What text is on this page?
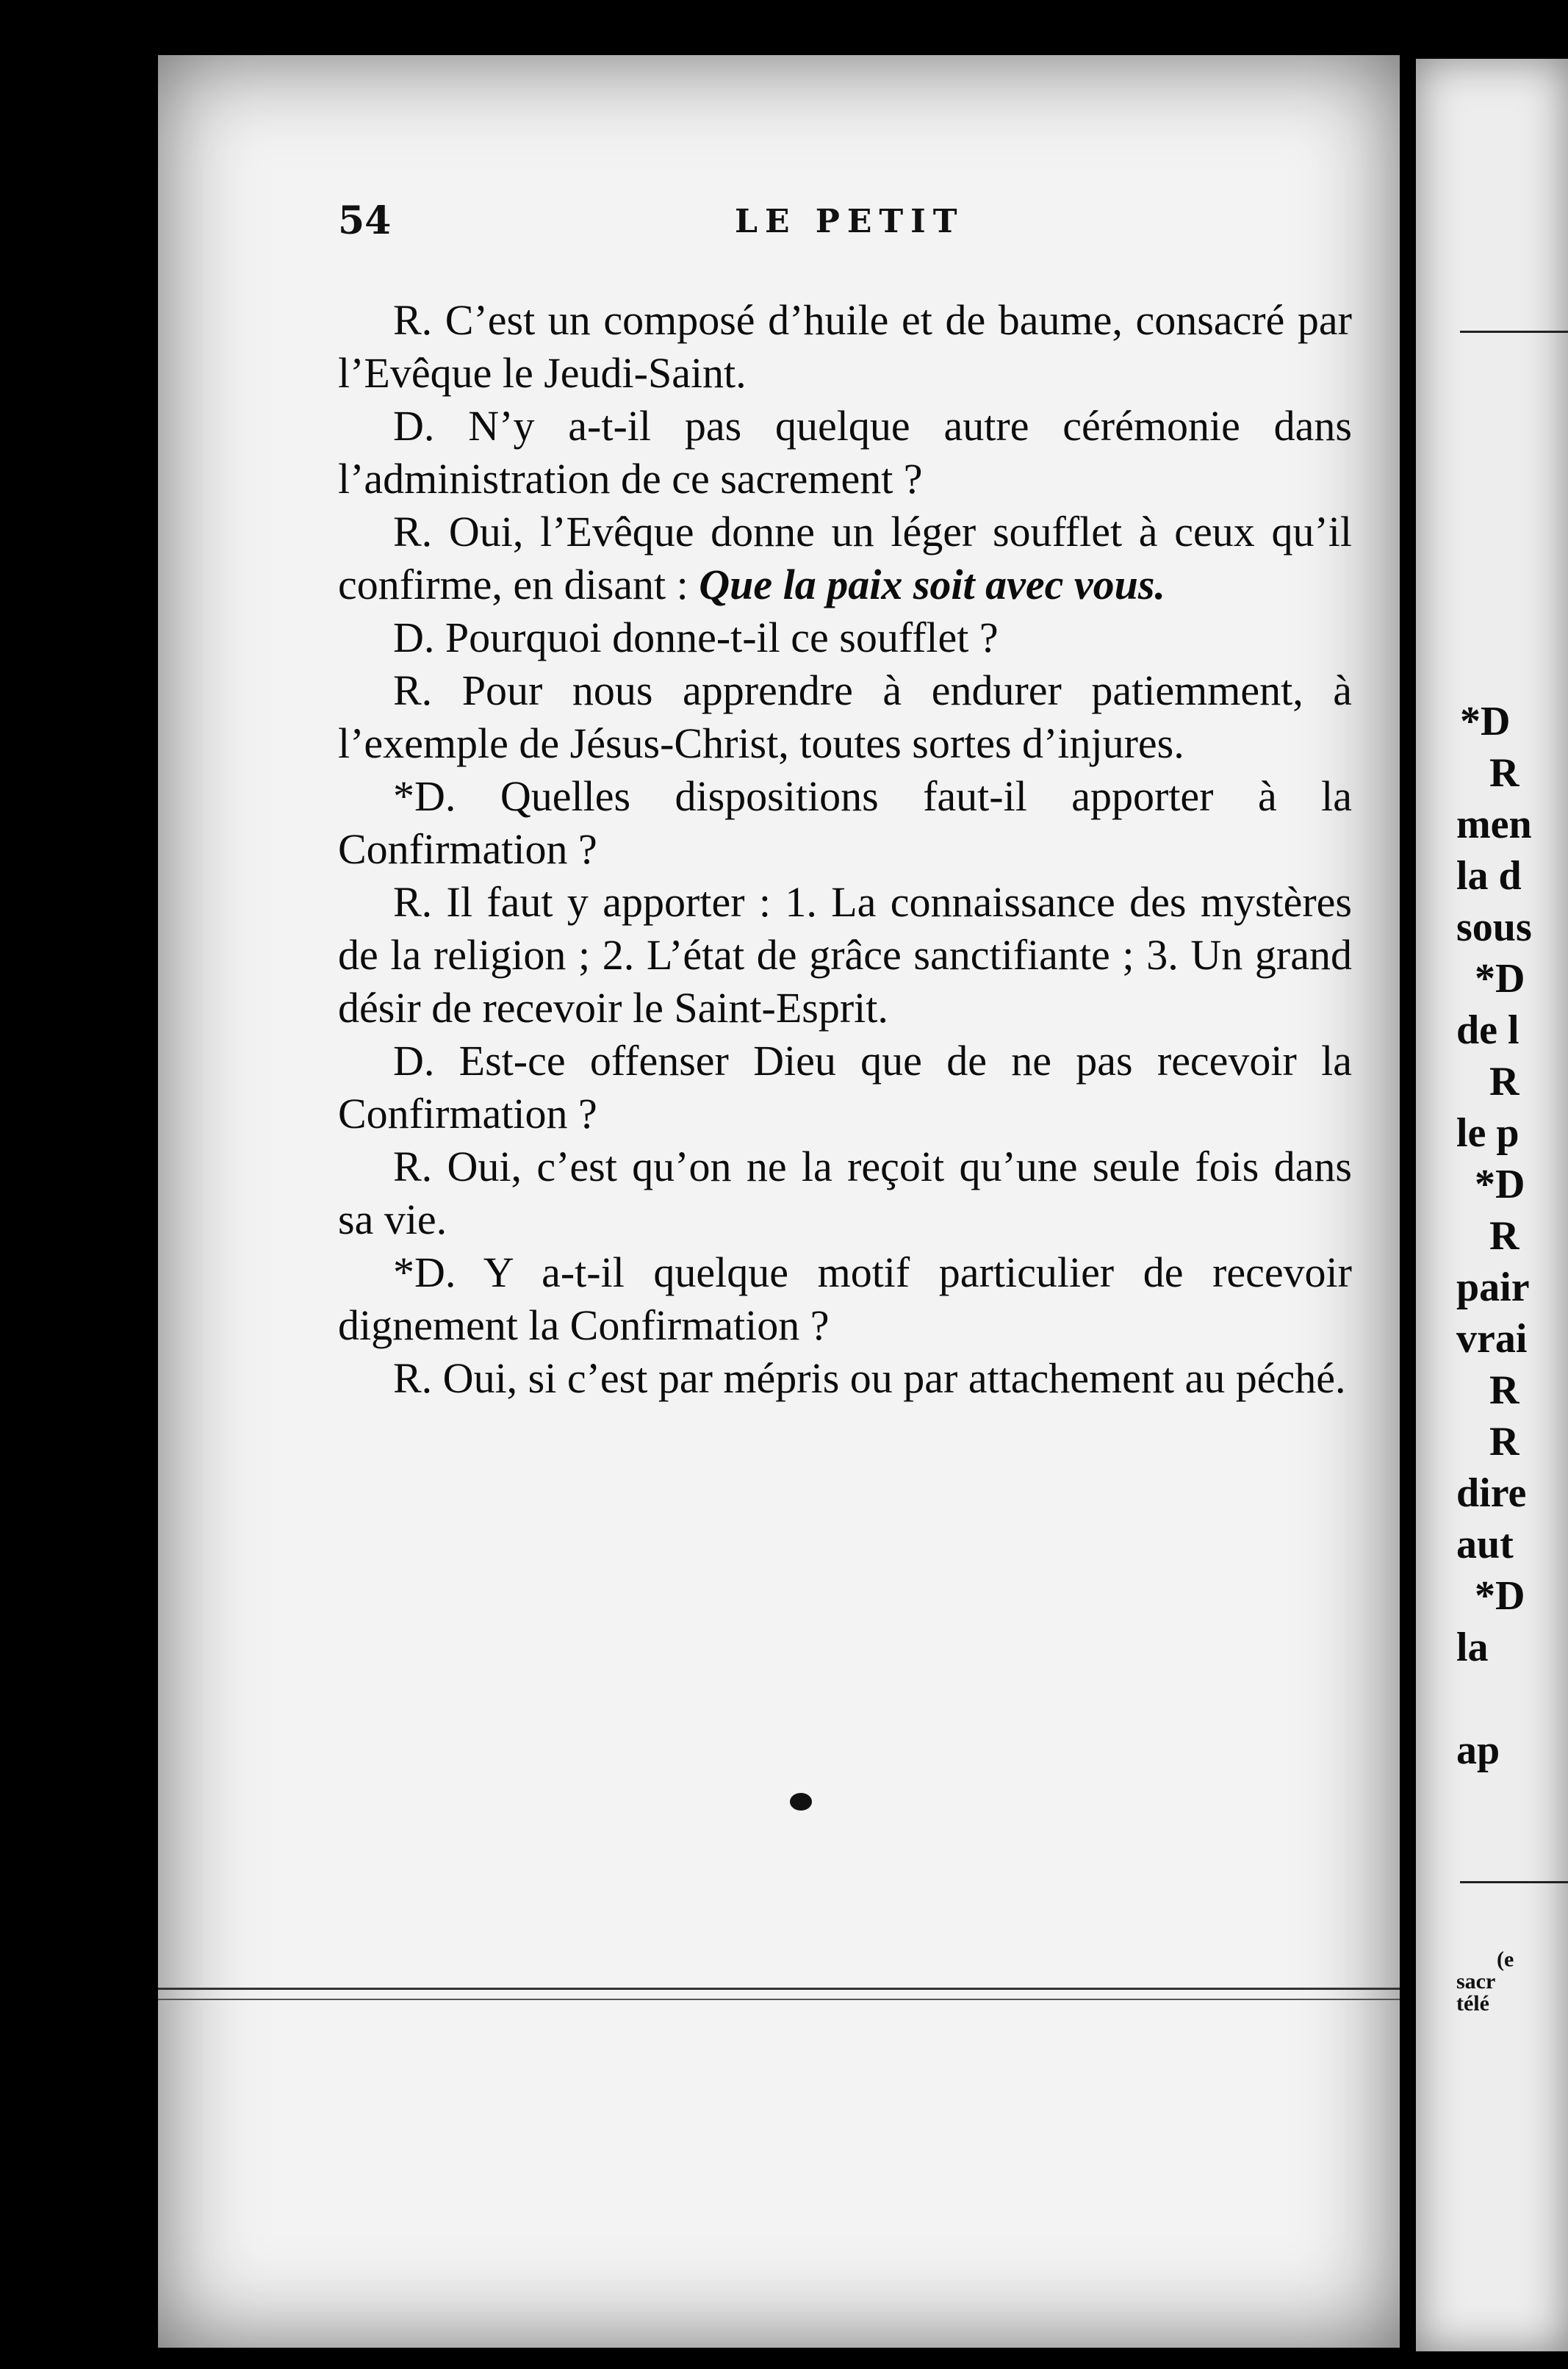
*D
R
men
la d
sous
*D
de l
R
le p
*D
R
pair
vrai
R
R
dire
aut
*D
la
ap
(e
sacr
télé
54	LE PETIT

R. C’est un composé d’huile et de baume, consacré par l’Evêque le Jeudi-Saint.

D. N’y a-t-il pas quelque autre cérémonie dans l’administration de ce sacrement ?

R. Oui, l’Evêque donne un léger soufflet à ceux qu’il confirme, en disant : Que la paix soit avec vous.

D. Pourquoi donne-t-il ce soufflet ?

R. Pour nous apprendre à endurer patiemment, à l’exemple de Jésus-Christ, toutes sortes d’injures.

*D. Quelles dispositions faut-il apporter à la Confirmation ?

R. Il faut y apporter : 1. La connaissance des mystères de la religion ; 2. L’état de grâce sanctifiante ; 3. Un grand désir de recevoir le Saint-Esprit.

D. Est-ce offenser Dieu que de ne pas recevoir la Confirmation ?

R. Oui, c’est qu’on ne la reçoit qu’une seule fois dans sa vie.

*D. Y a-t-il quelque motif particulier de recevoir dignement la Confirmation ?

R. Oui, si c’est par mépris ou par attachement au péché.
